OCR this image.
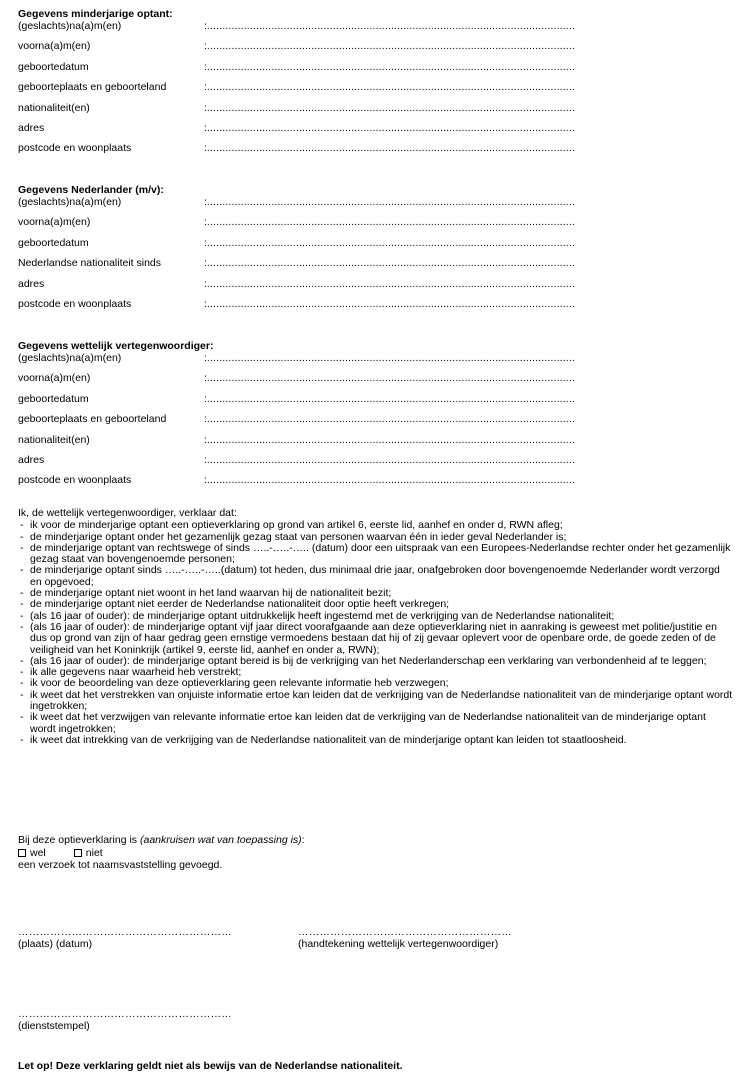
Gegevens minderjarige optant:
(geslachts)na(a)m(en)	: .....
voorna(a)m(en)	: .....
geboortedatum	: .....
geboorteplaats en geboorteland	: .....
nationaliteit(en)	: .....
adres	: .....
postcode en woonplaats	: .....
Gegevens Nederlander (m/v):
(geslachts)na(a)m(en)	: .....
voorna(a)m(en)	: .....
geboortedatum	: .....
Nederlandse nationaliteit sinds	: .....
adres	: .....
postcode en woonplaats	: .....
Gegevens wettelijk vertegenwoordiger:
(geslachts)na(a)m(en)	: .....
voorna(a)m(en)	: .....
geboortedatum	: .....
geboorteplaats en geboorteland	: .....
nationaliteit(en)	: .....
adres	: .....
postcode en woonplaats	: .....
Ik, de wettelijk vertegenwoordiger, verklaar dat:
- ik voor de minderjarige optant een optieverklaring op grond van artikel 6, eerste lid, aanhef en onder d, RWN afleg;
- de minderjarige optant onder het gezamenlijk gezag staat van personen waarvan één in ieder geval Nederlander is;
- de minderjarige optant van rechtswege of sinds …..-…..-….. (datum) door een uitspraak van een Europees-Nederlandse rechter onder het gezamenlijk gezag staat van bovengenoemde personen;
- de minderjarige optant sinds …..-…..-…..(datum) tot heden, dus minimaal drie jaar, onafgebroken door bovengenoemde Nederlander wordt verzorgd en opgevoed;
- de minderjarige optant niet woont in het land waarvan hij de nationaliteit bezit;
- de minderjarige optant niet eerder de Nederlandse nationaliteit door optie heeft verkregen;
- (als 16 jaar of ouder): de minderjarige optant uitdrukkelijk heeft ingestemd met de verkrijging van de Nederlandse nationaliteit;
- (als 16 jaar of ouder): de minderjarige optant vijf jaar direct voorafgaande aan deze optieverklaring niet in aanraking is geweest met politie/justitie en dus op grond van zijn of haar gedrag geen ernstige vermoedens bestaan dat hij of zij gevaar oplevert voor de openbare orde, de goede zeden of de veiligheid van het Koninkrijk (artikel 9, eerste lid, aanhef en onder a, RWN);
- (als 16 jaar of ouder): de minderjarige optant bereid is bij de verkrijging van het Nederlanderschap een verklaring van verbondenheid af te leggen;
- ik alle gegevens naar waarheid heb verstrekt;
- ik voor de beoordeling van deze optieverklaring geen relevante informatie heb verzwegen;
- ik weet dat het verstrekken van onjuiste informatie ertoe kan leiden dat de verkrijging van de Nederlandse nationaliteit van de minderjarige optant wordt ingetrokken;
- ik weet dat het verzwijgen van relevante informatie ertoe kan leiden dat de verkrijging van de Nederlandse nationaliteit van de minderjarige optant wordt ingetrokken;
- ik weet dat intrekking van de verkrijging van de Nederlandse nationaliteit van de minderjarige optant kan leiden tot staatloosheid.
Bij deze optieverklaring is (aankruisen wat van toepassing is):
wel	niet
een verzoek tot naamsvaststelling gevoegd.
……………………………………………………
(plaats) (datum)
……………………………………………………
(handtekening wettelijk vertegenwoordiger)
……………………………………………………
(dienststempel)
Let op! Deze verklaring geldt niet als bewijs van de Nederlandse nationaliteit.
